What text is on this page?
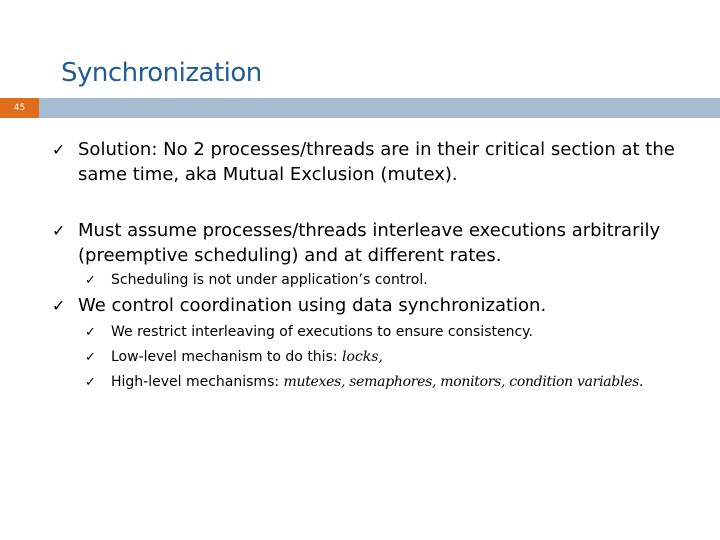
Synchronization
45
✓ Solution: No 2 processes/threads are in their critical section at the
same time, aka Mutual Exclusion (mutex).
✓ Must assume processes/threads interleave executions arbitrarily
(preemptive scheduling) and at different rates.
✓	Scheduling is not under application’s control.
✓ We control coordination using data synchronization.
✓	We restrict interleaving of executions to ensure consistency.
✓	Low-level mechanism to do this: locks,
✓	High-level mechanisms: mutexes, semaphores, monitors, condition variables.
